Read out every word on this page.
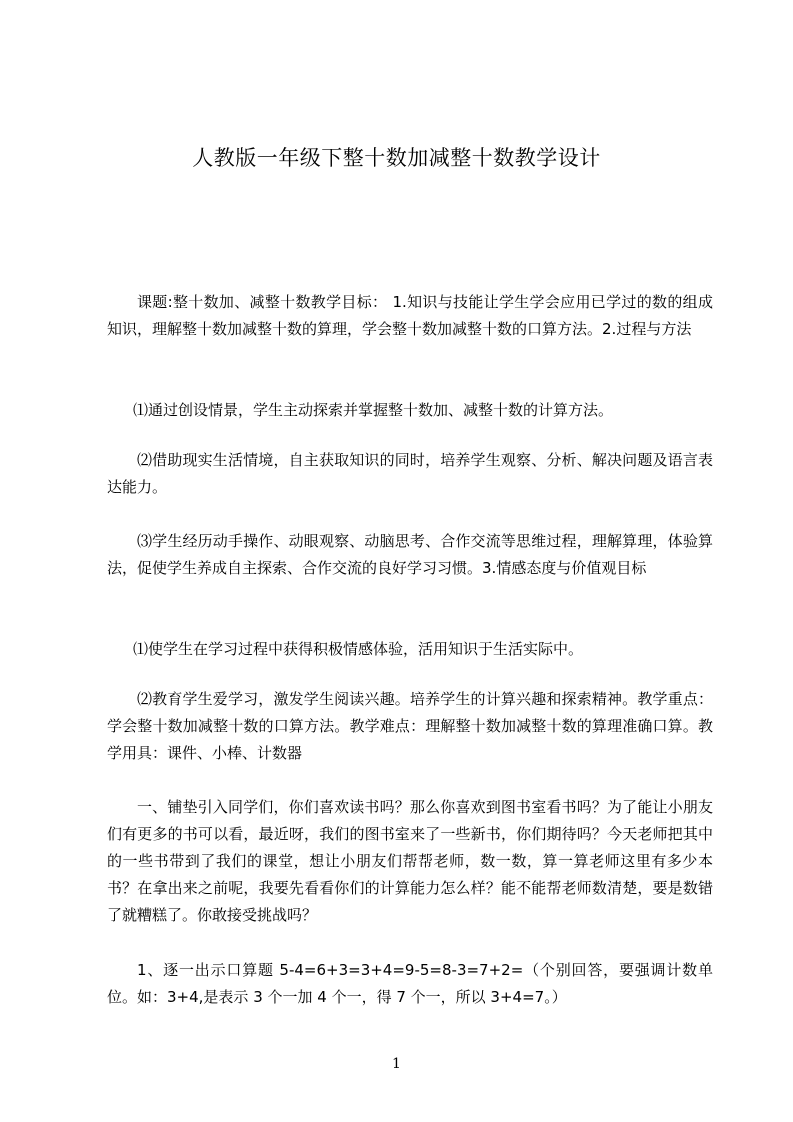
人教版一年级下整十数加减整十数教学设计

课题:整十数加、减整十数教学目标： 1.知识与技能让学生学会应用已学过的数的组成知识，理解整十数加减整十数的算理，学会整十数加减整十数的口算方法。2.过程与方法

⑴通过创设情景，学生主动探索并掌握整十数加、减整十数的计算方法。

⑵借助现实生活情境，自主获取知识的同时，培养学生观察、分析、解决问题及语言表达能力。

⑶学生经历动手操作、动眼观察、动脑思考、合作交流等思维过程，理解算理，体验算法，促使学生养成自主探索、合作交流的良好学习习惯。3.情感态度与价值观目标

⑴使学生在学习过程中获得积极情感体验，活用知识于生活实际中。

⑵教育学生爱学习，激发学生阅读兴趣。培养学生的计算兴趣和探索精神。教学重点：学会整十数加减整十数的口算方法。教学难点：理解整十数加减整十数的算理准确口算。教学用具：课件、小棒、计数器

一、铺垫引入同学们，你们喜欢读书吗？那么你喜欢到图书室看书吗？为了能让小朋友们有更多的书可以看，最近呀，我们的图书室来了一些新书，你们期待吗？今天老师把其中的一些书带到了我们的课堂，想让小朋友们帮帮老师，数一数，算一算老师这里有多少本书？在拿出来之前呢，我要先看看你们的计算能力怎么样？能不能帮老师数清楚，要是数错了就糟糕了。你敢接受挑战吗？

1、逐一出示口算题 5-4=6+3=3+4=9-5=8-3=7+2=（个别回答，要强调计数单位。如：3+4,是表示 3 个一加 4 个一，得 7 个一，所以 3+4=7。）

1
